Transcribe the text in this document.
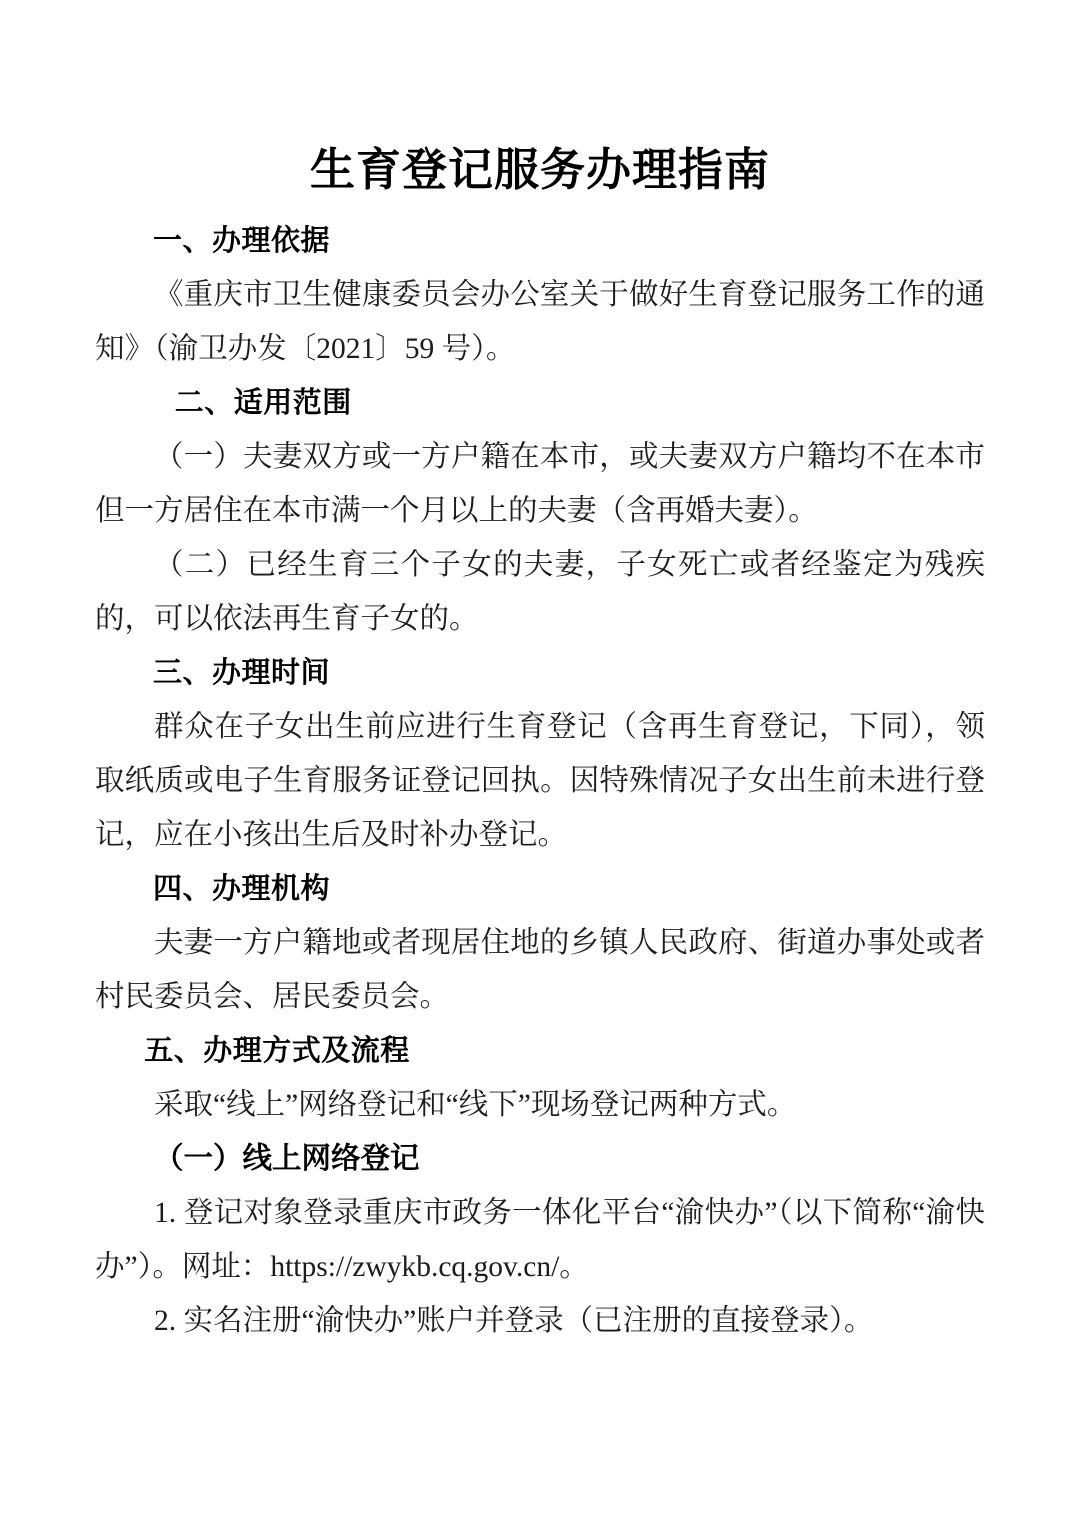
生育登记服务办理指南
一、办理依据

《重庆市卫生健康委员会办公室关于做好生育登记服务工作的通知》（渝卫办发〔2021〕59 号）。

二、适用范围

（一）夫妻双方或一方户籍在本市，或夫妻双方户籍均不在本市但一方居住在本市满一个月以上的夫妻（含再婚夫妻）。

（二）已经生育三个子女的夫妻，子女死亡或者经鉴定为残疾的，可以依法再生育子女的。

三、办理时间

群众在子女出生前应进行生育登记（含再生育登记，下同），领取纸质或电子生育服务证登记回执。因特殊情况子女出生前未进行登记，应在小孩出生后及时补办登记。

四、办理机构

夫妻一方户籍地或者现居住地的乡镇人民政府、街道办事处或者村民委员会、居民委员会。

五、办理方式及流程

采取“线上”网络登记和“线下”现场登记两种方式。

（一）线上网络登记

1. 登记对象登录重庆市政务一体化平台“渝快办”（以下简称“渝快办”）。网址：https://zwykb.cq.gov.cn/。

2. 实名注册“渝快办”账户并登录（已注册的直接登录）。
